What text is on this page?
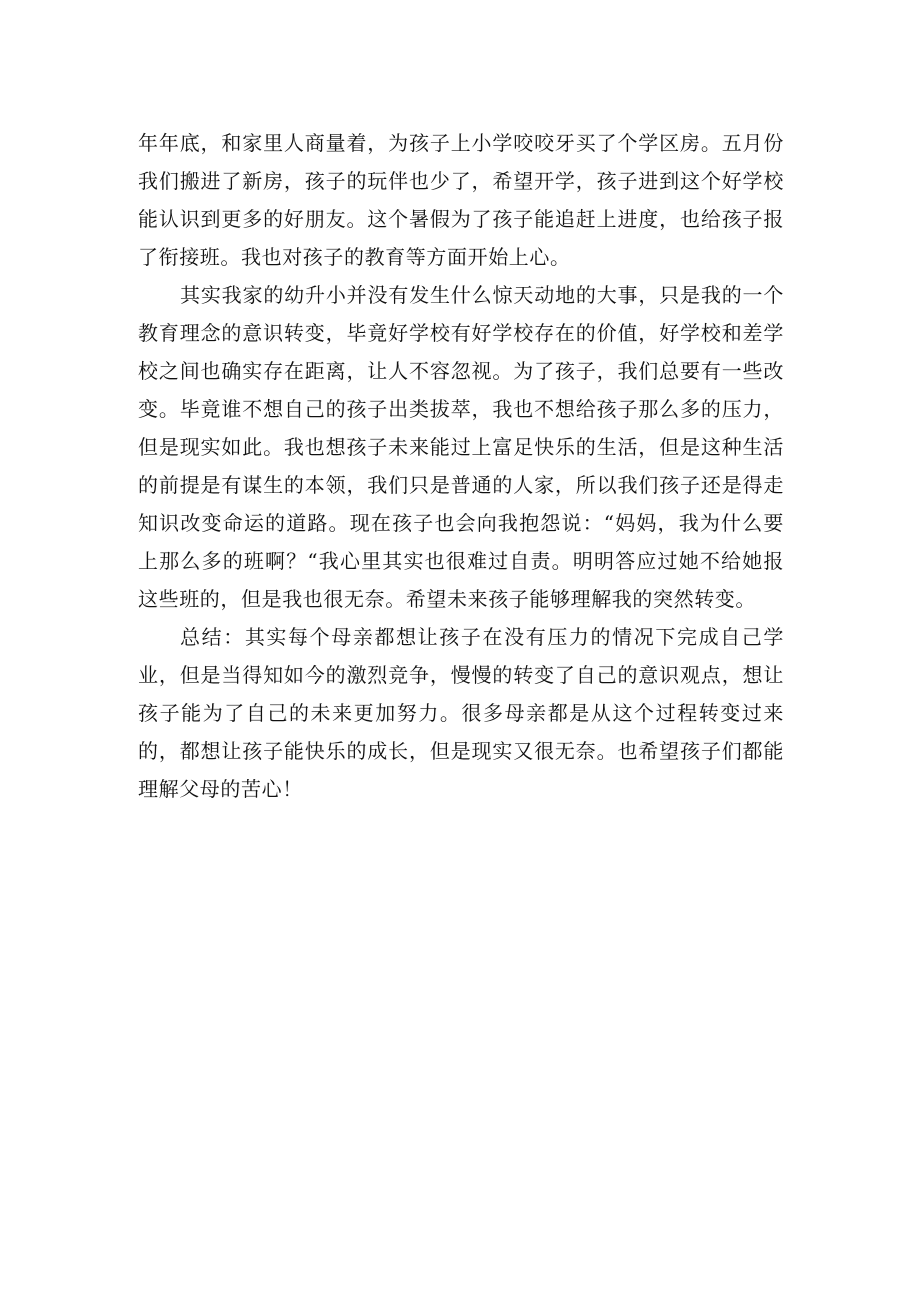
年年底，和家里人商量着，为孩子上小学咬咬牙买了个学区房。五月份我们搬进了新房，孩子的玩伴也少了，希望开学，孩子进到这个好学校能认识到更多的好朋友。这个暑假为了孩子能追赶上进度，也给孩子报了衔接班。我也对孩子的教育等方面开始上心。

其实我家的幼升小并没有发生什么惊天动地的大事，只是我的一个教育理念的意识转变，毕竟好学校有好学校存在的价值，好学校和差学校之间也确实存在距离，让人不容忽视。为了孩子，我们总要有一些改变。毕竟谁不想自己的孩子出类拔萃，我也不想给孩子那么多的压力，但是现实如此。我也想孩子未来能过上富足快乐的生活，但是这种生活的前提是有谋生的本领，我们只是普通的人家，所以我们孩子还是得走知识改变命运的道路。现在孩子也会向我抱怨说：“妈妈，我为什么要上那么多的班啊？“我心里其实也很难过自责。明明答应过她不给她报这些班的，但是我也很无奈。希望未来孩子能够理解我的突然转变。

总结：其实每个母亲都想让孩子在没有压力的情况下完成自己学业，但是当得知如今的激烈竞争，慢慢的转变了自己的意识观点，想让孩子能为了自己的未来更加努力。很多母亲都是从这个过程转变过来的，都想让孩子能快乐的成长，但是现实又很无奈。也希望孩子们都能理解父母的苦心！
